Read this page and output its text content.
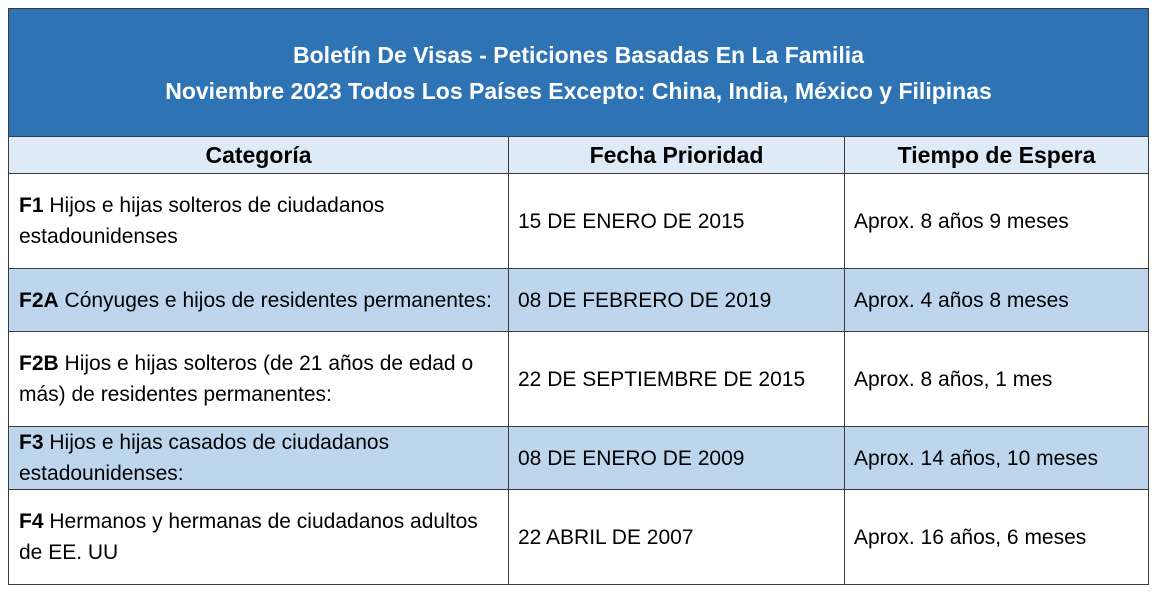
Boletín De Visas - Peticiones Basadas En La Familia
Noviembre 2023 Todos Los Países Excepto: China, India, México y Filipinas		

Categoría	Fecha Prioridad	Tiempo de Espera
F1 Hijos e hijas solteros de ciudadanos estadounidenses	15 DE ENERO DE 2015	Aprox. 8 años 9 meses
F2A Cónyuges e hijos de residentes permanentes:	08 DE FEBRERO DE 2019	Aprox. 4 años 8 meses
F2B Hijos e hijas solteros (de 21 años de edad o más) de residentes permanentes:	22 DE SEPTIEMBRE DE 2015	Aprox. 8 años, 1 mes
F3 Hijos e hijas casados de ciudadanos estadounidenses:	08 DE ENERO DE 2009	Aprox. 14 años, 10 meses
F4 Hermanos y hermanas de ciudadanos adultos de EE. UU	22 ABRIL DE 2007	Aprox. 16 años, 6 meses
